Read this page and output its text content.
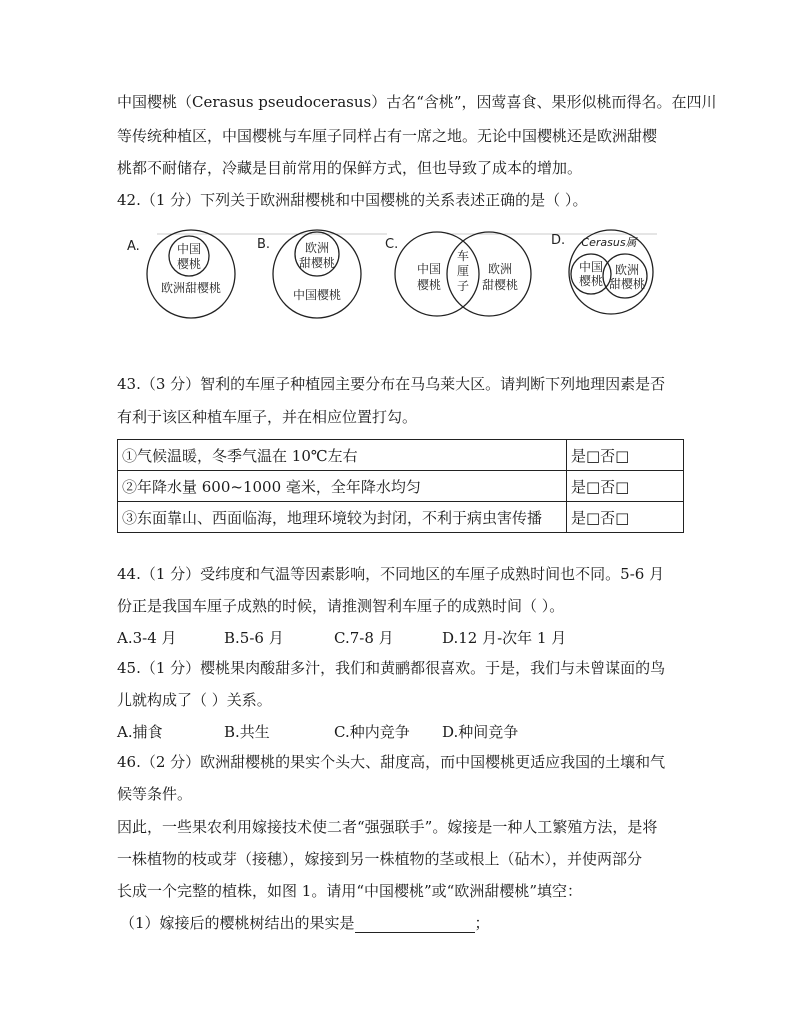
中国樱桃（Cerasus pseudocerasus）古名“含桃”，因莺喜食、果形似桃而得名。在四川
等传统种植区，中国樱桃与车厘子同样占有一席之地。无论中国樱桃还是欧洲甜樱
桃都不耐储存，冷藏是目前常用的保鲜方式，但也导致了成本的增加。
42.（1 分）下列关于欧洲甜樱桃和中国樱桃的关系表述正确的是（ ）。
A.	中国
樱桃
欧洲甜樱桃
B.	欧洲
甜樱桃
中国樱桃
C.
中国
樱桃
车
厘
子
欧洲
甜樱桃
D. Cerasus属
中国
樱桃
欧洲
甜樱桃
43.（3 分）智利的车厘子种植园主要分布在马乌莱大区。请判断下列地理因素是否
有利于该区种植车厘子，并在相应位置打勾。
①气候温暖，冬季气温在 10℃左右	是□否□
②年降水量 600~1000 毫米，全年降水均匀	是□否□
③东面靠山、西面临海，地理环境较为封闭，不利于病虫害传播	是□否□
44.（1 分）受纬度和气温等因素影响，不同地区的车厘子成熟时间也不同。5-6 月
份正是我国车厘子成熟的时候，请推测智利车厘子的成熟时间（ ）。
A.3-4 月	B.5-6 月	C.7-8 月	D.12 月-次年 1 月
45.（1 分）樱桃果肉酸甜多汁，我们和黄鹂都很喜欢。于是，我们与未曾谋面的鸟
儿就构成了（ ）关系。
A.捕食	B.共生	C.种内竞争 D.种间竞争
46.（2 分）欧洲甜樱桃的果实个头大、甜度高，而中国樱桃更适应我国的土壤和气
候等条件。
因此，一些果农利用嫁接技术使二者“强强联手”。嫁接是一种人工繁殖方法，是将
一株植物的枝或芽（接穗），嫁接到另一株植物的茎或根上（砧木），并使两部分
长成一个完整的植株，如图 1。请用“中国樱桃”或“欧洲甜樱桃”填空：
（1）嫁接后的樱桃树结出的果实是	；
